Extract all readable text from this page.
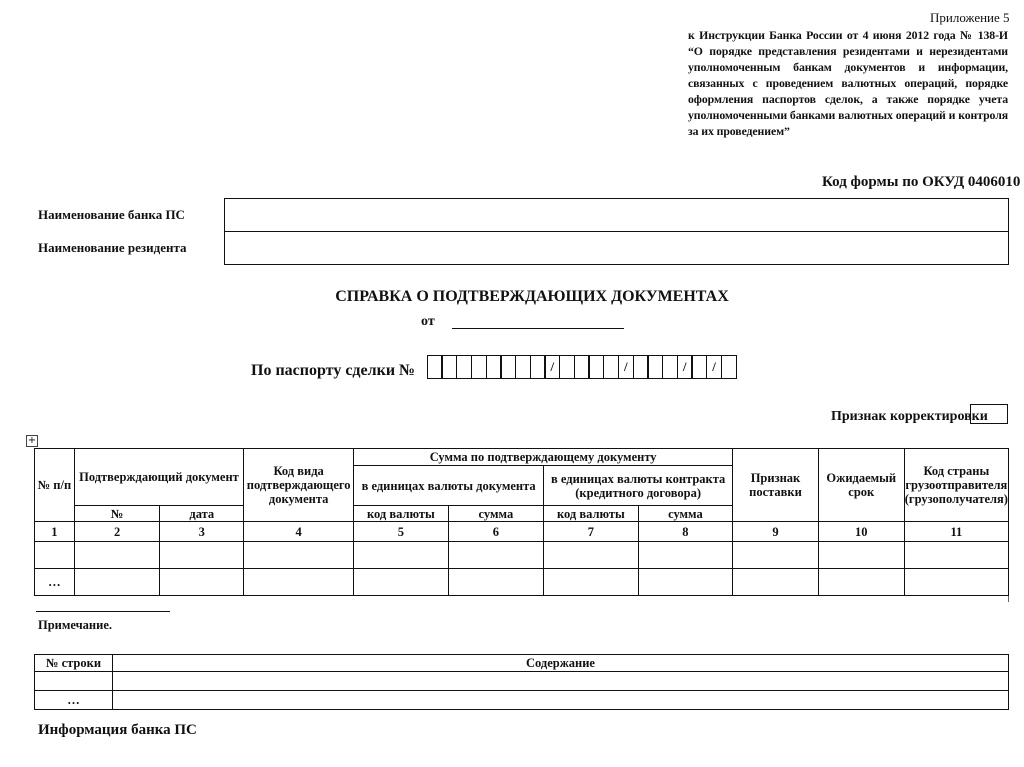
Приложение 5
к Инструкции Банка России от 4 июня 2012 года № 138-И “О порядке представления резидентами и нерезидентами уполномоченным банкам документов и информации, связанных с проведением валютных операций, порядке оформления паспортов сделок, а также порядке учета уполномоченными банками валютных операций и контроля за их проведением”
Код формы по ОКУД 0406010
Наименование банка ПС
Наименование резидента
СПРАВКА О ПОДТВЕРЖДАЮЩИХ ДОКУМЕНТАХ
от
По паспорту сделки №	/	/	/	/
Признак корректировки
+
№ п/п	Подтверждающий документ		Код вида подтверждающего документа	Сумма по подтверждающему документу				Признак поставки	Ожидаемый срок	Код страны грузоотправителя (грузополучателя)
				в единицах валюты документа		в единицах валюты контракта (кредитного договора)				
	№	дата		код валюты	сумма	код валюты	сумма			
1	2	3	4	5	6	7	8	9	10	11

…										
Примечание.
№ строки	Содержание

…	
Информация банка ПС
